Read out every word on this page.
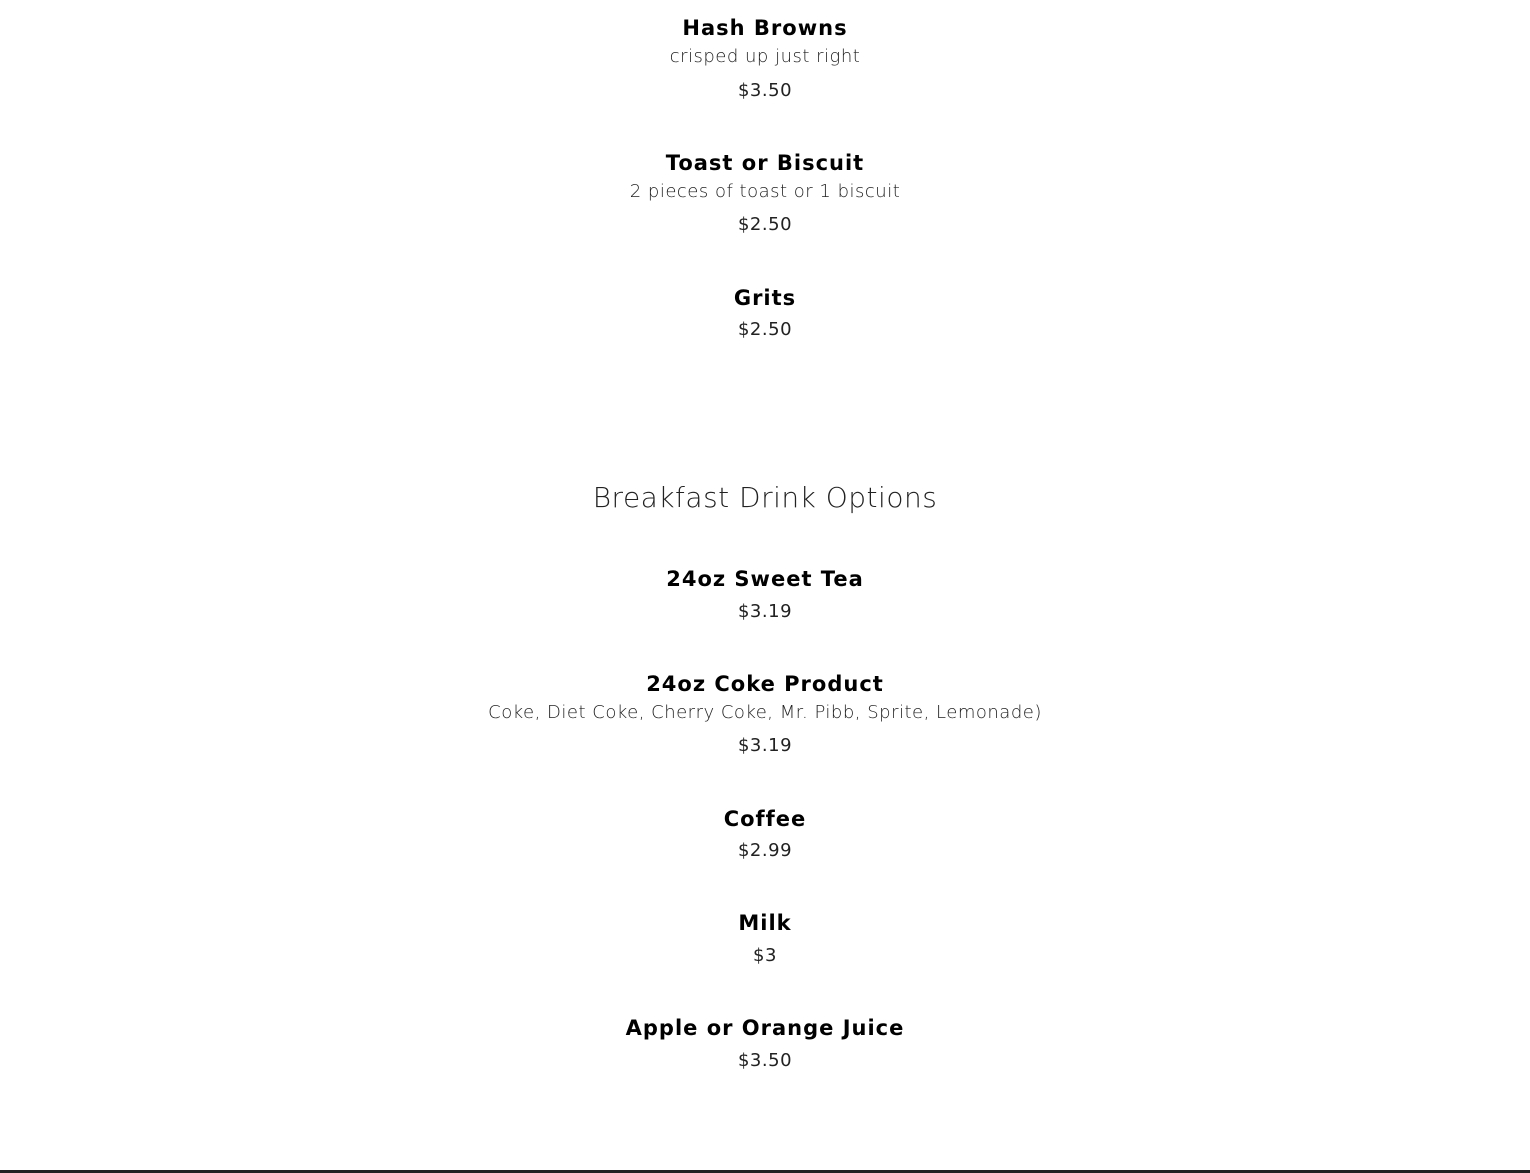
Hash Browns
crisped up just right
$3.50
Toast or Biscuit
2 pieces of toast or 1 biscuit
$2.50
Grits
$2.50
Breakfast Drink Options
24oz Sweet Tea
$3.19
24oz Coke Product
Coke, Diet Coke, Cherry Coke, Mr. Pibb, Sprite, Lemonade)
$3.19
Coffee
$2.99
Milk
$3
Apple or Orange Juice
$3.50
